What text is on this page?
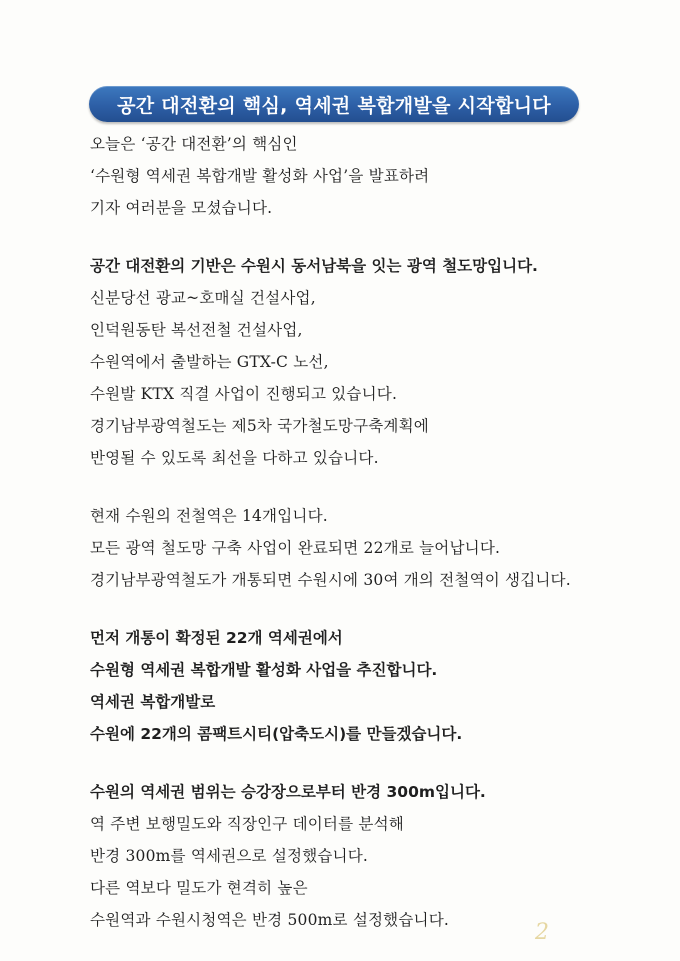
공간 대전환의 핵심, 역세권 복합개발을 시작합니다
오늘은 ‘공간 대전환’의 핵심인
‘수원형 역세권 복합개발 활성화 사업’을 발표하려
기자 여러분을 모셨습니다.
공간 대전환의 기반은 수원시 동서남북을 잇는 광역 철도망입니다.
신분당선 광교~호매실 건설사업,
인덕원동탄 복선전철 건설사업,
수원역에서 출발하는 GTX-C 노선,
수원발 KTX 직결 사업이 진행되고 있습니다.
경기남부광역철도는 제5차 국가철도망구축계획에
반영될 수 있도록 최선을 다하고 있습니다.
현재 수원의 전철역은 14개입니다.
모든 광역 철도망 구축 사업이 완료되면 22개로 늘어납니다.
경기남부광역철도가 개통되면 수원시에 30여 개의 전철역이 생깁니다.
먼저 개통이 확정된 22개 역세권에서
수원형 역세권 복합개발 활성화 사업을 추진합니다.
역세권 복합개발로
수원에 22개의 콤팩트시티(압축도시)를 만들겠습니다.
수원의 역세권 범위는 승강장으로부터 반경 300m입니다.
역 주변 보행밀도와 직장인구 데이터를 분석해
반경 300m를 역세권으로 설정했습니다.
다른 역보다 밀도가 현격히 높은
수원역과 수원시청역은 반경 500m로 설정했습니다.	2
